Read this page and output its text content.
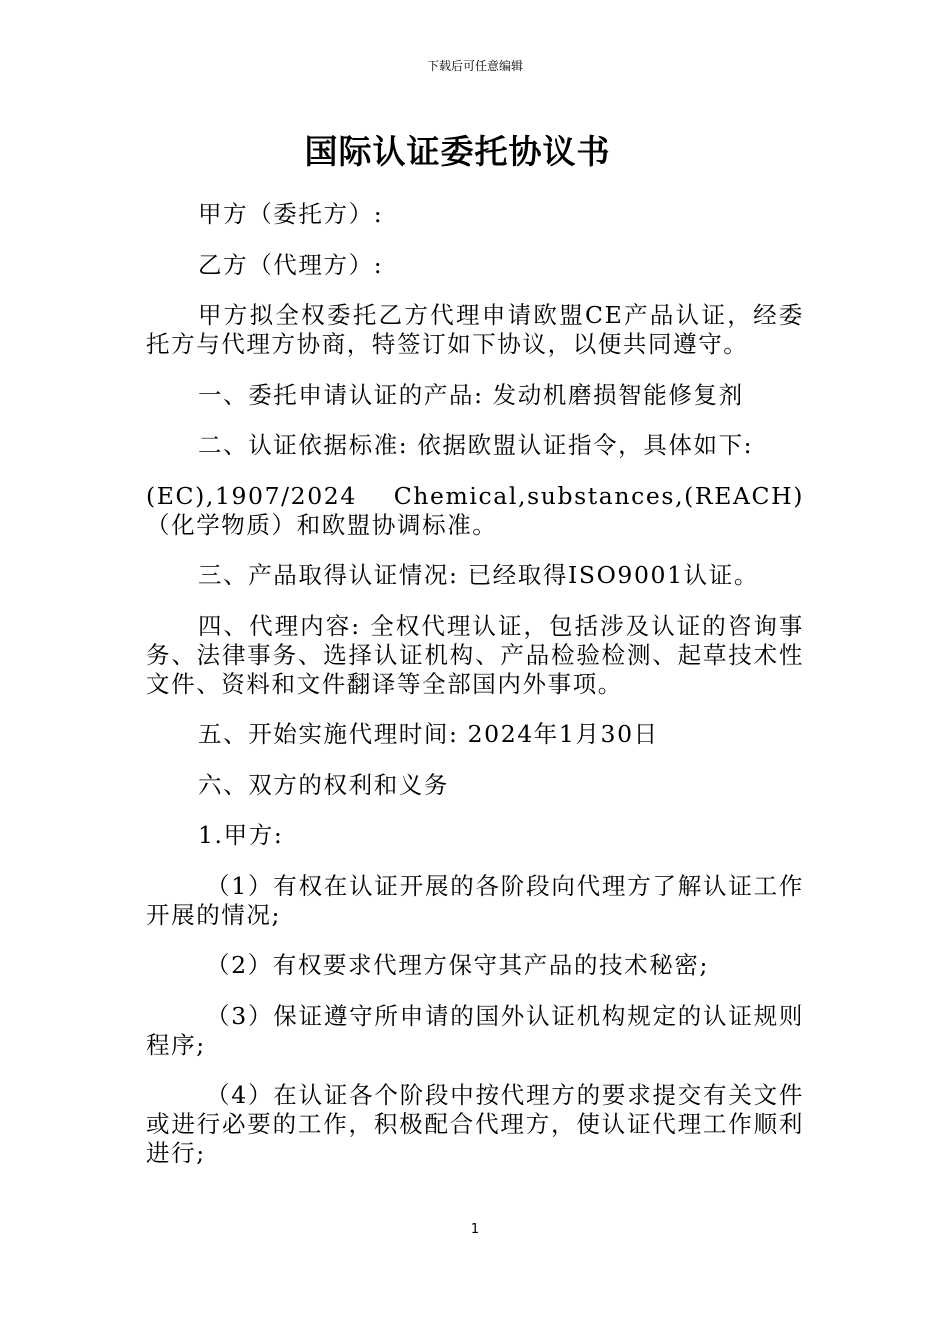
下载后可任意编辑
国际认证委托协议书

甲方（委托方）:

乙方（代理方）:

甲方拟全权委托乙方代理申请欧盟CE产品认证，经委托方与代理方协商，特签订如下协议，以便共同遵守。

一、委托申请认证的产品: 发动机磨损智能修复剂

二、认证依据标准: 依据欧盟认证指令，具体如下:

(EC),1907/2024 Chemical,substances,(REACH)（化学物质）和欧盟协调标准。

三、产品取得认证情况: 已经取得ISO9001认证。

四、代理内容: 全权代理认证，包括涉及认证的咨询事务、法律事务、选择认证机构、产品检验检测、起草技术性文件、资料和文件翻译等全部国内外事项。

五、开始实施代理时间: 2024年1月30日

六、双方的权利和义务

1.甲方:

（1）有权在认证开展的各阶段向代理方了解认证工作开展的情况;

（2）有权要求代理方保守其产品的技术秘密;

（3）保证遵守所申请的国外认证机构规定的认证规则程序;

（4）在认证各个阶段中按代理方的要求提交有关文件或进行必要的工作，积极配合代理方，使认证代理工作顺利进行;

1
